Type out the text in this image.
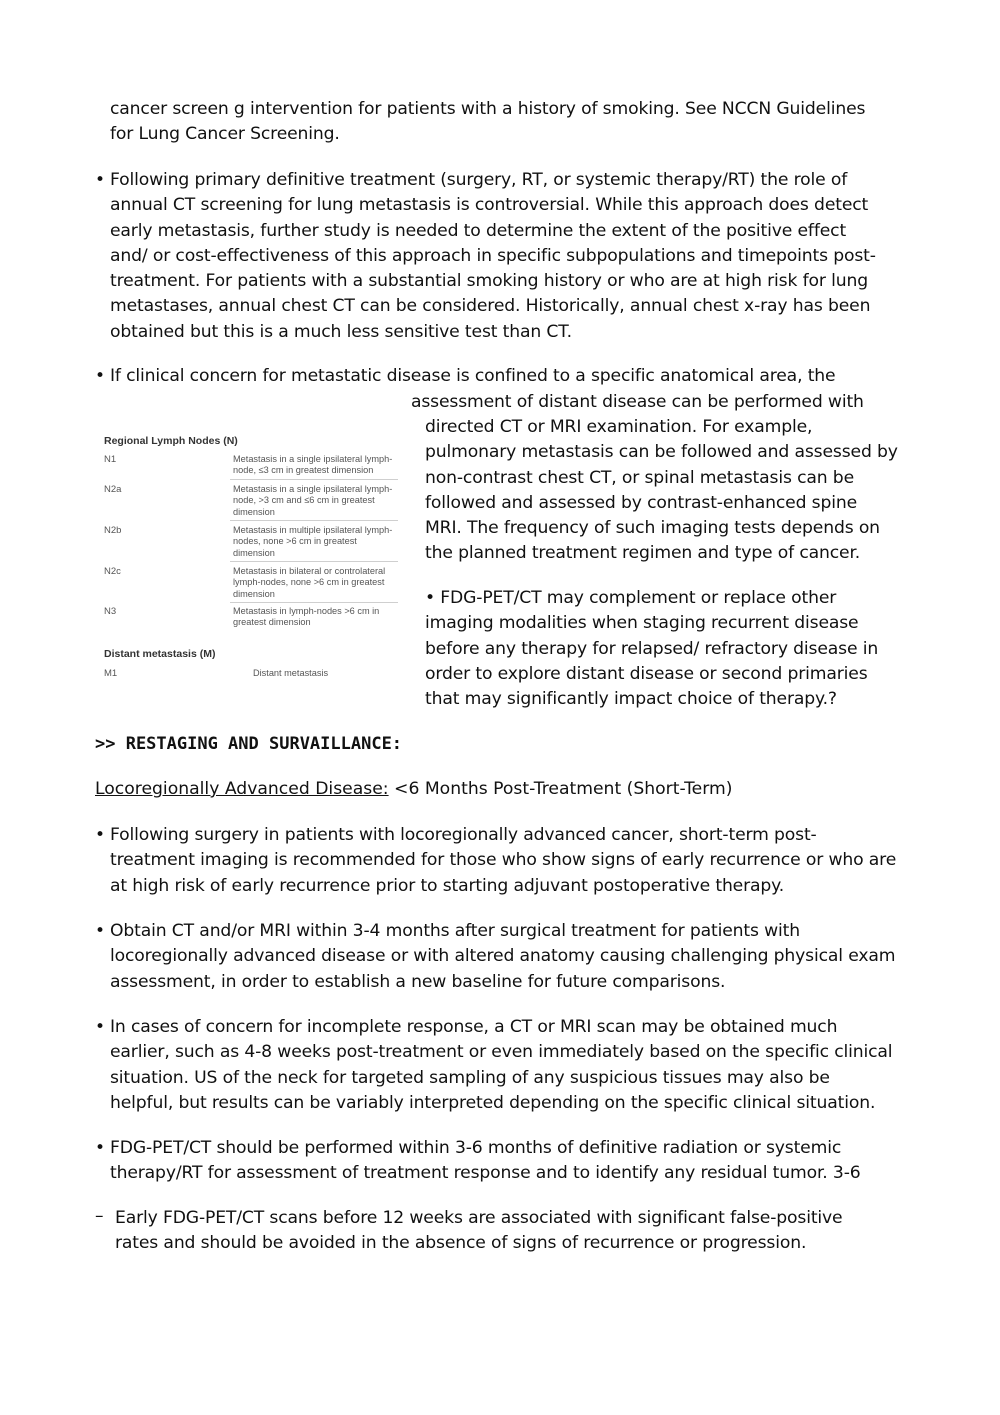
cancer screen g intervention for patients with a history of smoking. See NCCN Guidelines
for Lung Cancer Screening.
• Following primary definitive treatment (surgery, RT, or systemic therapy/RT) the role of
annual CT screening for lung metastasis is controversial. While this approach does detect
early metastasis, further study is needed to determine the extent of the positive effect
and/ or cost-effectiveness of this approach in specific subpopulations and timepoints post-
treatment. For patients with a substantial smoking history or who are at high risk for lung
metastases, annual chest CT can be considered. Historically, annual chest x-ray has been
obtained but this is a much less sensitive test than CT.
• If clinical concern for metastatic disease is confined to a specific anatomical area, the
assessment of distant disease can be performed with
directed CT or MRI examination. For example,
pulmonary metastasis can be followed and assessed by
non-contrast chest CT, or spinal metastasis can be
followed and assessed by contrast-enhanced spine
MRI. The frequency of such imaging tests depends on
the planned treatment regimen and type of cancer.
• FDG-PET/CT may complement or replace other
imaging modalities when staging recurrent disease
before any therapy for relapsed/ refractory disease in
order to explore distant disease or second primaries
that may significantly impact choice of therapy.?
Regional Lymph Nodes (N)
N1	Metastasis in a single ipsilateral lymph-node, ≤3 cm in greatest dimension
N2a	Metastasis in a single ipsilateral lymph-node, >3 cm and ≤6 cm in greatest dimension
N2b	Metastasis in multiple ipsilateral lymph-nodes, none >6 cm in greatest dimension
N2c	Metastasis in bilateral or controlateral lymph-nodes, none >6 cm in greatest dimension
N3	Metastasis in lymph-nodes >6 cm in greatest dimension
Distant metastasis (M)
M1	Distant metastasis
>> RESTAGING AND SURVAILLANCE:
Locoregionally Advanced Disease: <6 Months Post-Treatment (Short-Term)
• Following surgery in patients with locoregionally advanced cancer, short-term post-
treatment imaging is recommended for those who show signs of early recurrence or who are
at high risk of early recurrence prior to starting adjuvant postoperative therapy.
• Obtain CT and/or MRI within 3-4 months after surgical treatment for patients with
locoregionally advanced disease or with altered anatomy causing challenging physical exam
assessment, in order to establish a new baseline for future comparisons.
• In cases of concern for incomplete response, a CT or MRI scan may be obtained much
earlier, such as 4-8 weeks post-treatment or even immediately based on the specific clinical
situation. US of the neck for targeted sampling of any suspicious tissues may also be
helpful, but results can be variably interpreted depending on the specific clinical situation.
• FDG-PET/CT should be performed within 3-6 months of definitive radiation or systemic
therapy/RT for assessment of treatment response and to identify any residual tumor. 3-6
– Early FDG-PET/CT scans before 12 weeks are associated with significant false-positive
rates and should be avoided in the absence of signs of recurrence or progression.
